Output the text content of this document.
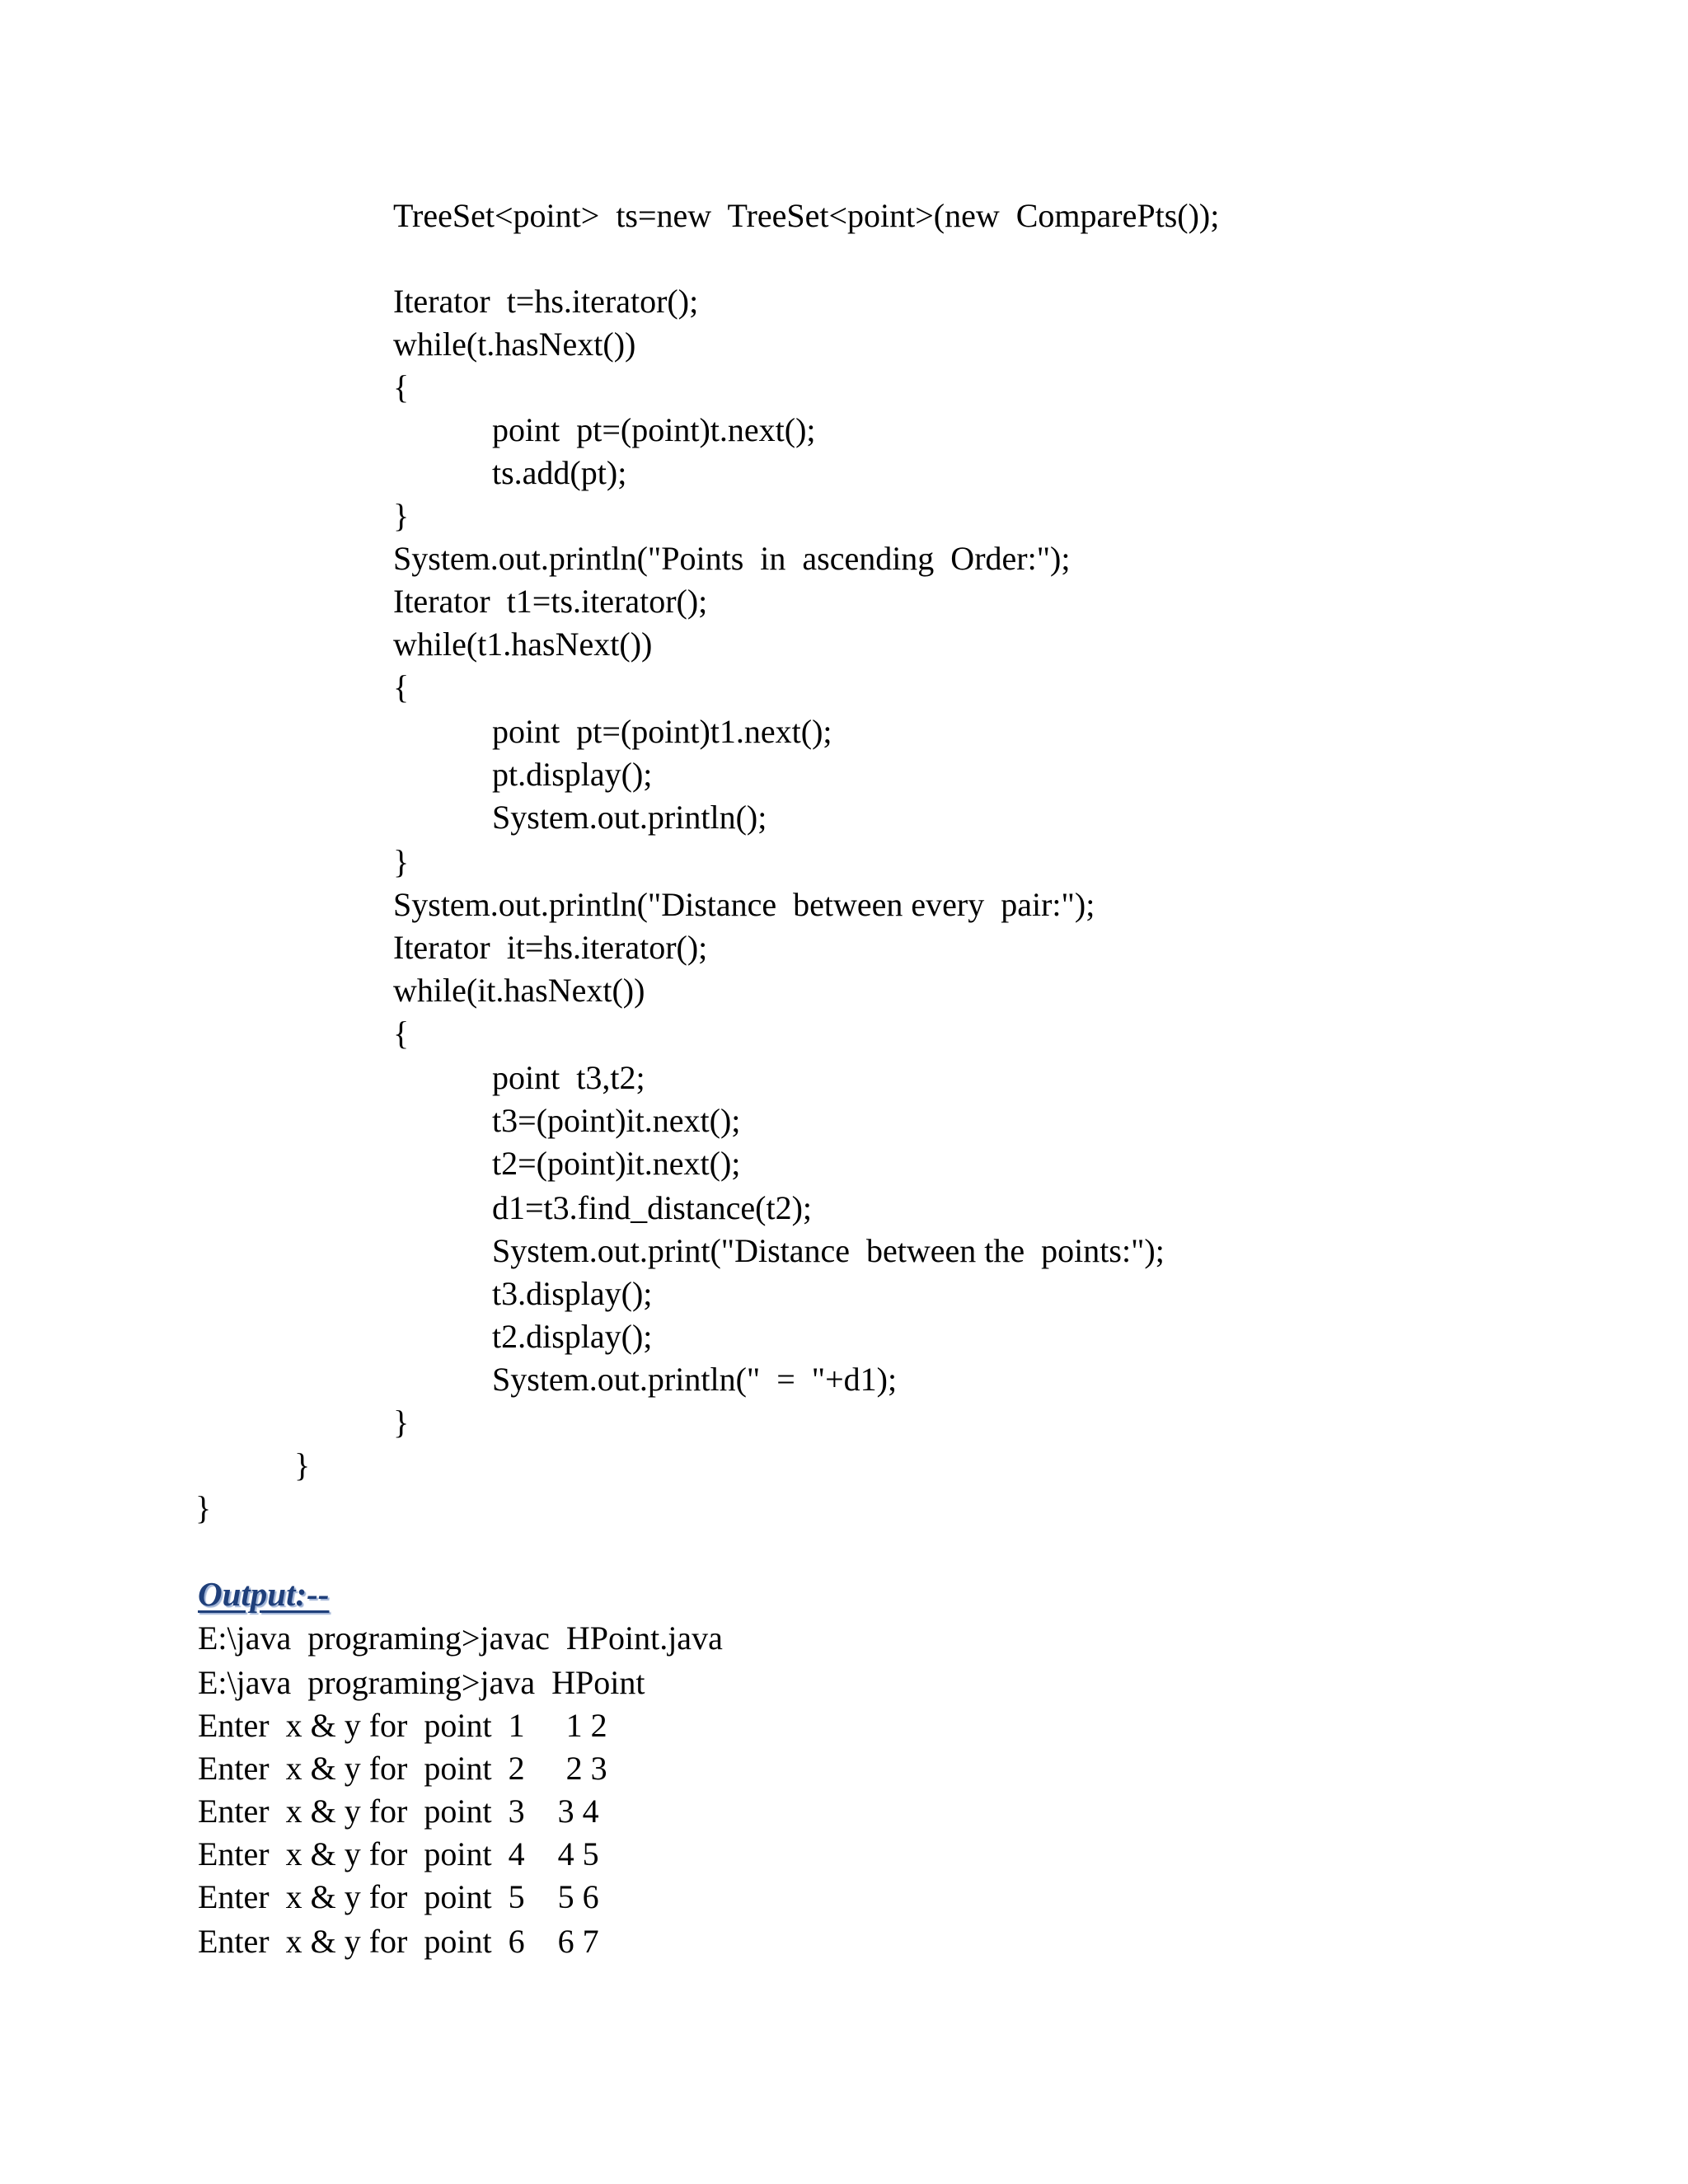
TreeSet<point>  ts=new  TreeSet<point>(new  ComparePts());
Iterator  t=hs.iterator();
while(t.hasNext())
{
point  pt=(point)t.next();
ts.add(pt);
}
System.out.println("Points  in  ascending  Order:");
Iterator  t1=ts.iterator();
while(t1.hasNext())
{
point  pt=(point)t1.next();
pt.display();
System.out.println();
}
System.out.println("Distance  between every  pair:");
Iterator  it=hs.iterator();
while(it.hasNext())
{
point  t3,t2;
t3=(point)it.next();
t2=(point)it.next();
d1=t3.find_distance(t2);
System.out.print("Distance  between the  points:");
t3.display();
t2.display();
System.out.println("  =  "+d1);
}
}
}
Output:--
E:\java  programing>javac  HPoint.java
E:\java  programing>java  HPoint
Enter  x & y for  point  1     1 2
Enter  x & y for  point  2     2 3
Enter  x & y for  point  3    3 4
Enter  x & y for  point  4    4 5
Enter  x & y for  point  5    5 6
Enter  x & y for  point  6    6 7
